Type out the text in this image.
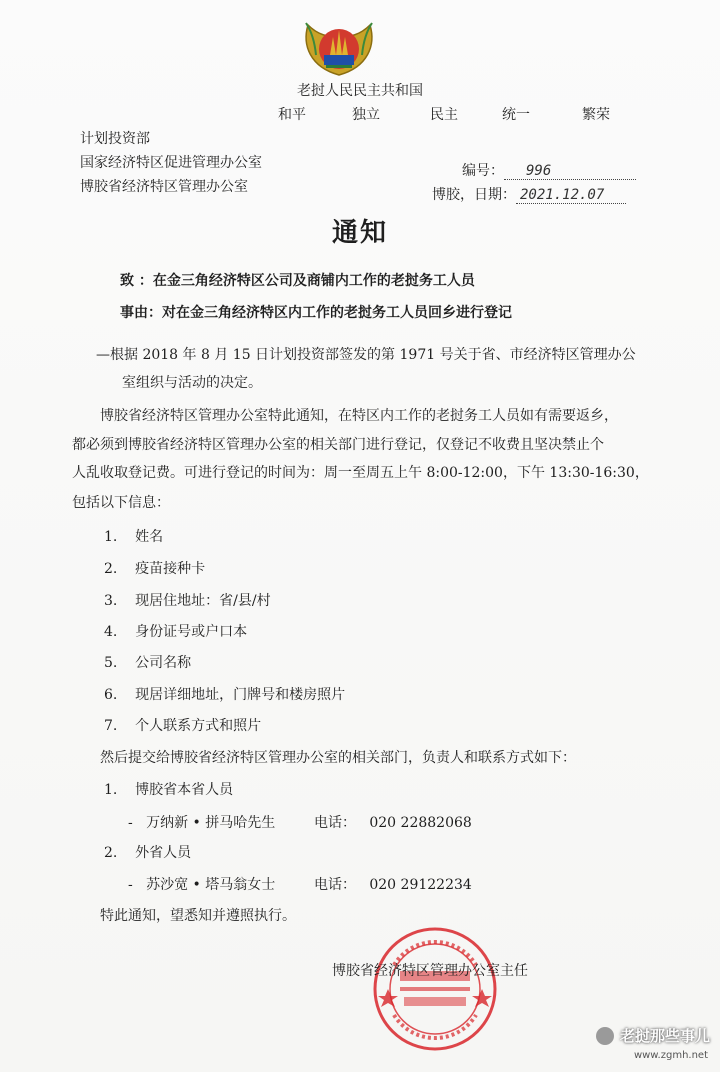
老挝人民民主共和国
和平	独立	民主	统一	繁荣
计划投资部
国家经济特区促进管理办公室
博胶省经济特区管理办公室
编号： 996
博胶，日期： 2021.12.07
通知
致 ：在金三角经济特区公司及商铺内工作的老挝务工人员
事由：对在金三角经济特区内工作的老挝务工人员回乡进行登记
—根据 2018 年 8 月 15 日计划投资部签发的第 1971 号关于省、市经济特区管理办公
室组织与活动的决定。
博胶省经济特区管理办公室特此通知，在特区内工作的老挝务工人员如有需要返乡，
都必须到博胶省经济特区管理办公室的相关部门进行登记，仅登记不收费且坚决禁止个
人乱收取登记费。可进行登记的时间为：周一至周五上午 8:00-12:00，下午 13:30-16:30，
包括以下信息：
1. 姓名
2. 疫苗接种卡
3. 现居住地址：省/县/村
4. 身份证号或户口本
5. 公司名称
6. 现居详细地址，门牌号和楼房照片
7. 个人联系方式和照片
然后提交给博胶省经济特区管理办公室的相关部门，负责人和联系方式如下：
1. 博胶省本省人员
- 万纳新 • 拼马哈先生	电话： 020 22882068
2. 外省人员
- 苏沙宽 • 塔马翁女士	电话： 020 29122234
特此通知，望悉知并遵照执行。
博胶省经济特区管理办公室主任
老挝那些事儿
www.zgmh.net
